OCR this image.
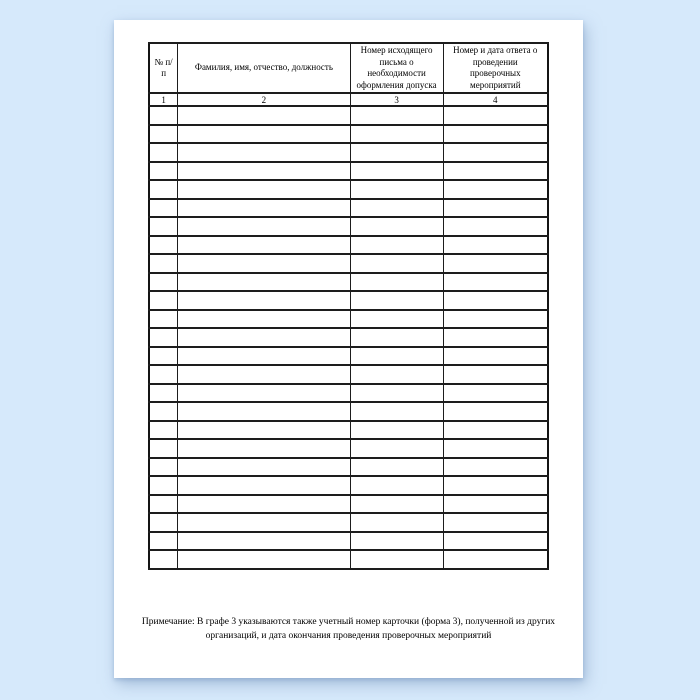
№ п/п	Фамилия, имя, отчество, должность	Номер исходящего письма о необходимости оформления допуска	Номер и дата ответа о проведении проверочных мероприятий
1	2	3	4

Примечание: В графе 3 указываются также учетный номер карточки (форма 3), полученной из других организаций, и дата окончания проведения проверочных мероприятий
